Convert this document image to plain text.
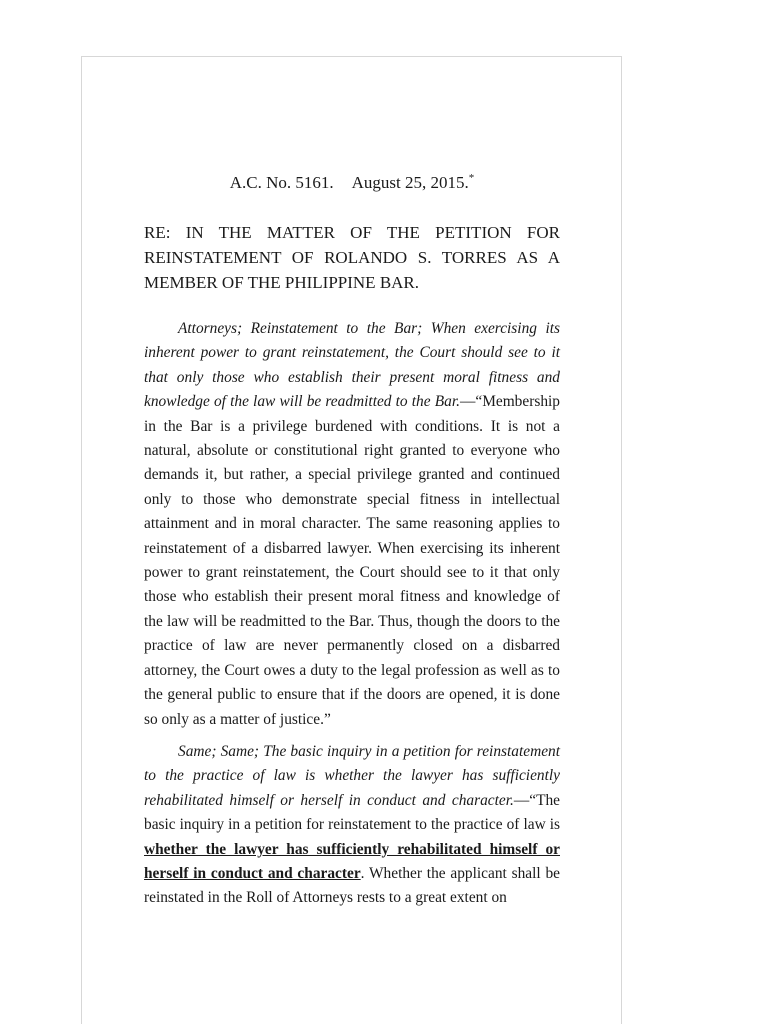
A.C. No. 5161. August 25, 2015.*
RE: IN THE MATTER OF THE PETITION FOR REINSTATEMENT OF ROLANDO S. TORRES AS A MEMBER OF THE PHILIPPINE BAR.

Attorneys; Reinstatement to the Bar; When exercising its inherent power to grant reinstatement, the Court should see to it that only those who establish their present moral fitness and knowledge of the law will be readmitted to the Bar.—“Membership in the Bar is a privilege burdened with conditions. It is not a natural, absolute or constitutional right granted to everyone who demands it, but rather, a special privilege granted and continued only to those who demonstrate special fitness in intellectual attainment and in moral character. The same reasoning applies to reinstatement of a disbarred lawyer. When exercising its inherent power to grant reinstatement, the Court should see to it that only those who establish their present moral fitness and knowledge of the law will be readmitted to the Bar. Thus, though the doors to the practice of law are never permanently closed on a disbarred attorney, the Court owes a duty to the legal profession as well as to the general public to ensure that if the doors are opened, it is done so only as a matter of justice.”

Same; Same; The basic inquiry in a petition for reinstatement to the practice of law is whether the lawyer has sufficiently rehabilitated himself or herself in conduct and character.—“The basic inquiry in a petition for reinstatement to the practice of law is whether the lawyer has sufficiently rehabilitated himself or herself in conduct and character. Whether the applicant shall be reinstated in the Roll of Attorneys rests to a great extent on
